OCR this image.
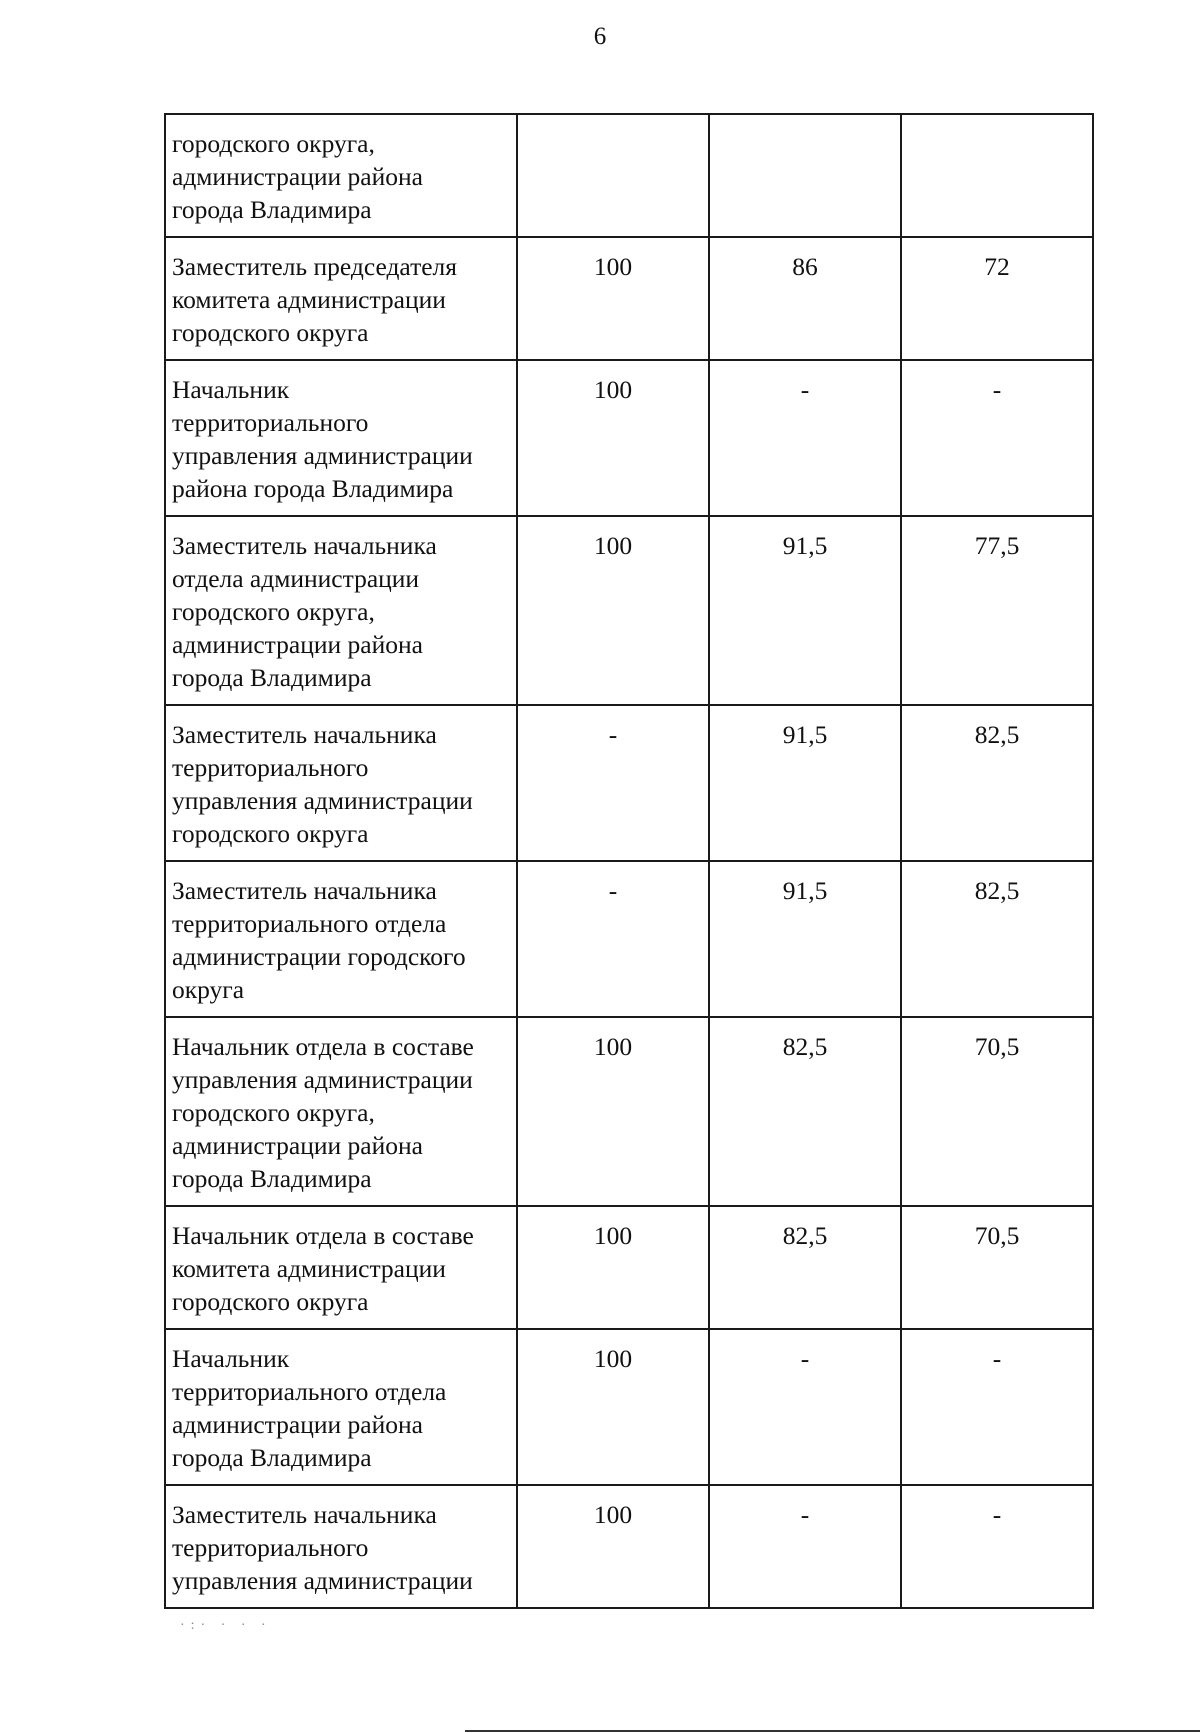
6
городского округа,
администрации района
города Владимира			
Заместитель председателя
комитета администрации
городского округа	100	86	72
Начальник
территориального
управления администрации
района города Владимира	100	-	-
Заместитель начальника
отдела администрации
городского округа,
администрации района
города Владимира	100	91,5	77,5
Заместитель начальника
территориального
управления администрации
городского округа	-	91,5	82,5
Заместитель начальника
территориального отдела
администрации городского
округа	-	91,5	82,5
Начальник отдела в составе
управления администрации
городского округа,
администрации района
города Владимира	100	82,5	70,5
Начальник отдела в составе
комитета администрации
городского округа	100	82,5	70,5
Начальник
территориального отдела
администрации района
города Владимира	100	-	-
Заместитель начальника
территориального
управления администрации	100	-	-
·:· · · ·
